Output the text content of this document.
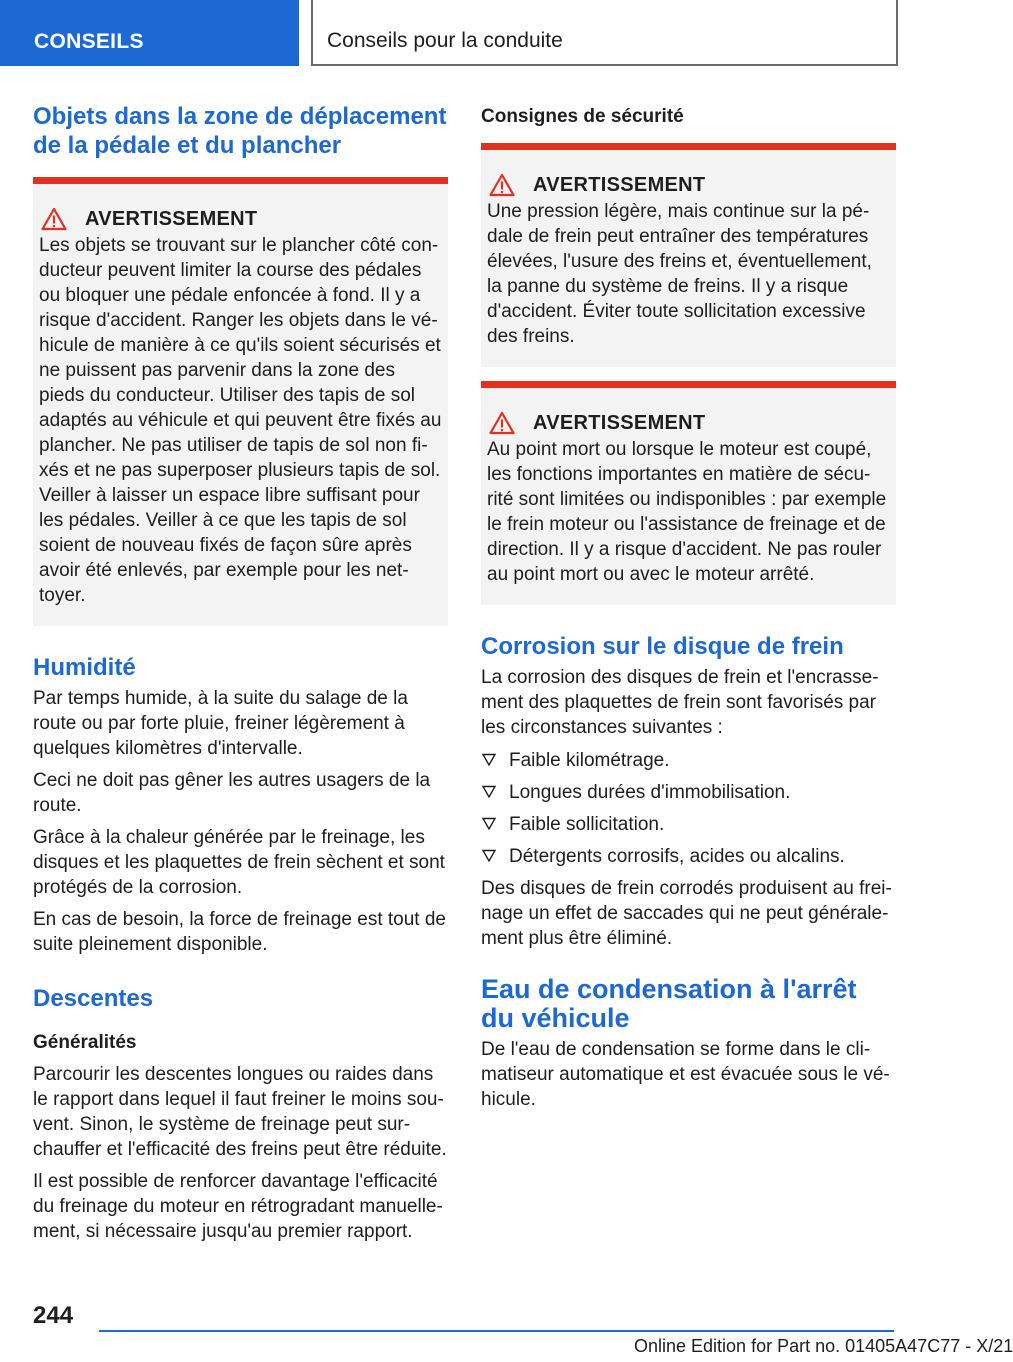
CONSEILS	Conseils pour la conduite
Objets dans la zone de déplacement de la pédale et du plancher
AVERTISSEMENT

Les objets se trouvant sur le plancher côté conducteur peuvent limiter la course des pédales ou bloquer une pédale enfoncée à fond. Il y a risque d'accident. Ranger les objets dans le véhicule de manière à ce qu'ils soient sécurisés et ne puissent pas parvenir dans la zone des pieds du conducteur. Utiliser des tapis de sol adaptés au véhicule et qui peuvent être fixés au plancher. Ne pas utiliser de tapis de sol non fixés et ne pas superposer plusieurs tapis de sol. Veiller à laisser un espace libre suffisant pour les pédales. Veiller à ce que les tapis de sol soient de nouveau fixés de façon sûre après avoir été enlevés, par exemple pour les nettoyer.

Humidité

Par temps humide, à la suite du salage de la route ou par forte pluie, freiner légèrement à quelques kilomètres d'intervalle.

Ceci ne doit pas gêner les autres usagers de la route.

Grâce à la chaleur générée par le freinage, les disques et les plaquettes de frein sèchent et sont protégés de la corrosion.

En cas de besoin, la force de freinage est tout de suite pleinement disponible.

Descentes
Généralités

Parcourir les descentes longues ou raides dans le rapport dans lequel il faut freiner le moins souvent. Sinon, le système de freinage peut surchauffer et l'efficacité des freins peut être réduite.

Il est possible de renforcer davantage l'efficacité du freinage du moteur en rétrogradant manuellement, si nécessaire jusqu'au premier rapport.

Consignes de sécurité
AVERTISSEMENT

Une pression légère, mais continue sur la pédale de frein peut entraîner des températures élevées, l'usure des freins et, éventuellement, la panne du système de freins. Il y a risque d'accident. Éviter toute sollicitation excessive des freins.

AVERTISSEMENT

Au point mort ou lorsque le moteur est coupé, les fonctions importantes en matière de sécurité sont limitées ou indisponibles : par exemple le frein moteur ou l'assistance de freinage et de direction. Il y a risque d'accident. Ne pas rouler au point mort ou avec le moteur arrêté.

Corrosion sur le disque de frein

La corrosion des disques de frein et l'encrassement des plaquettes de frein sont favorisés par les circonstances suivantes :

Faible kilométrage.
Longues durées d'immobilisation.
Faible sollicitation.
Détergents corrosifs, acides ou alcalins.

Des disques de frein corrodés produisent au freinage un effet de saccades qui ne peut généralement plus être éliminé.

Eau de condensation à l'arrêt du véhicule

De l'eau de condensation se forme dans le climatiseur automatique et est évacuée sous le véhicule.

244
Online Edition for Part no. 01405A47C77 - X/21
